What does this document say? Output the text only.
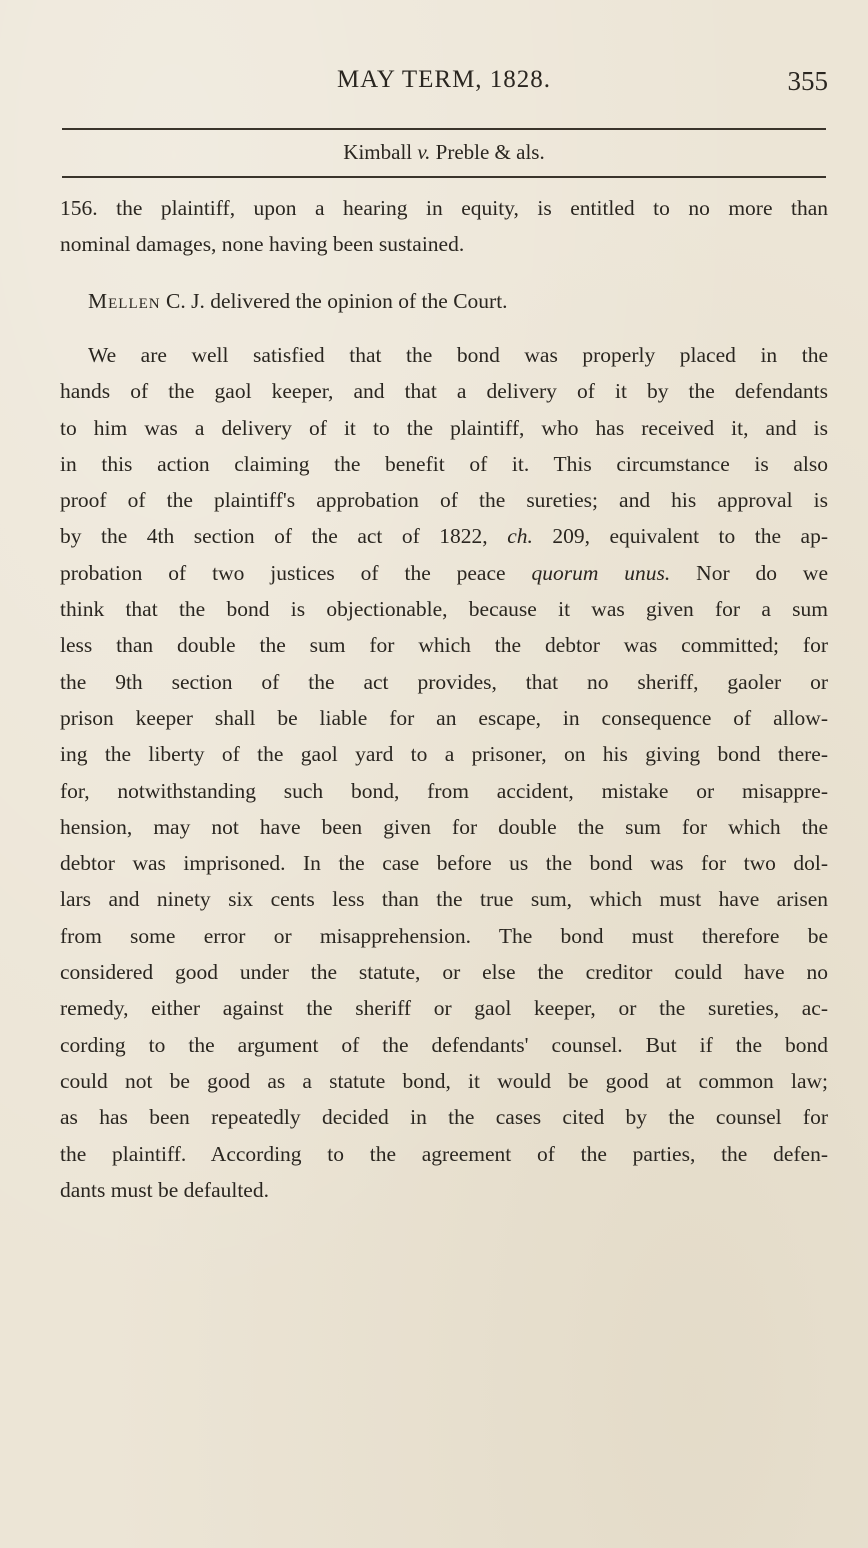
MAY TERM, 1828.	355
Kimball v. Preble & als.
156. the plaintiff, upon a hearing in equity, is entitled to no more than
nominal damages, none having been sustained.
Mellen C. J. delivered the opinion of the Court.
We are well satisfied that the bond was properly placed in the
hands of the gaol keeper, and that a delivery of it by the defendants
to him was a delivery of it to the plaintiff, who has received it, and is
in this action claiming the benefit of it. This circumstance is also
proof of the plaintiff's approbation of the sureties; and his approval is
by the 4th section of the act of 1822, ch. 209, equivalent to the ap-
probation of two justices of the peace quorum unus. Nor do we
think that the bond is objectionable, because it was given for a sum
less than double the sum for which the debtor was committed; for
the 9th section of the act provides, that no sheriff, gaoler or
prison keeper shall be liable for an escape, in consequence of allow-
ing the liberty of the gaol yard to a prisoner, on his giving bond there-
for, notwithstanding such bond, from accident, mistake or misappre-
hension, may not have been given for double the sum for which the
debtor was imprisoned. In the case before us the bond was for two dol-
lars and ninety six cents less than the true sum, which must have arisen
from some error or misapprehension. The bond must therefore be
considered good under the statute, or else the creditor could have no
remedy, either against the sheriff or gaol keeper, or the sureties, ac-
cording to the argument of the defendants' counsel. But if the bond
could not be good as a statute bond, it would be good at common law;
as has been repeatedly decided in the cases cited by the counsel for
the plaintiff. According to the agreement of the parties, the defen-
dants must be defaulted.
